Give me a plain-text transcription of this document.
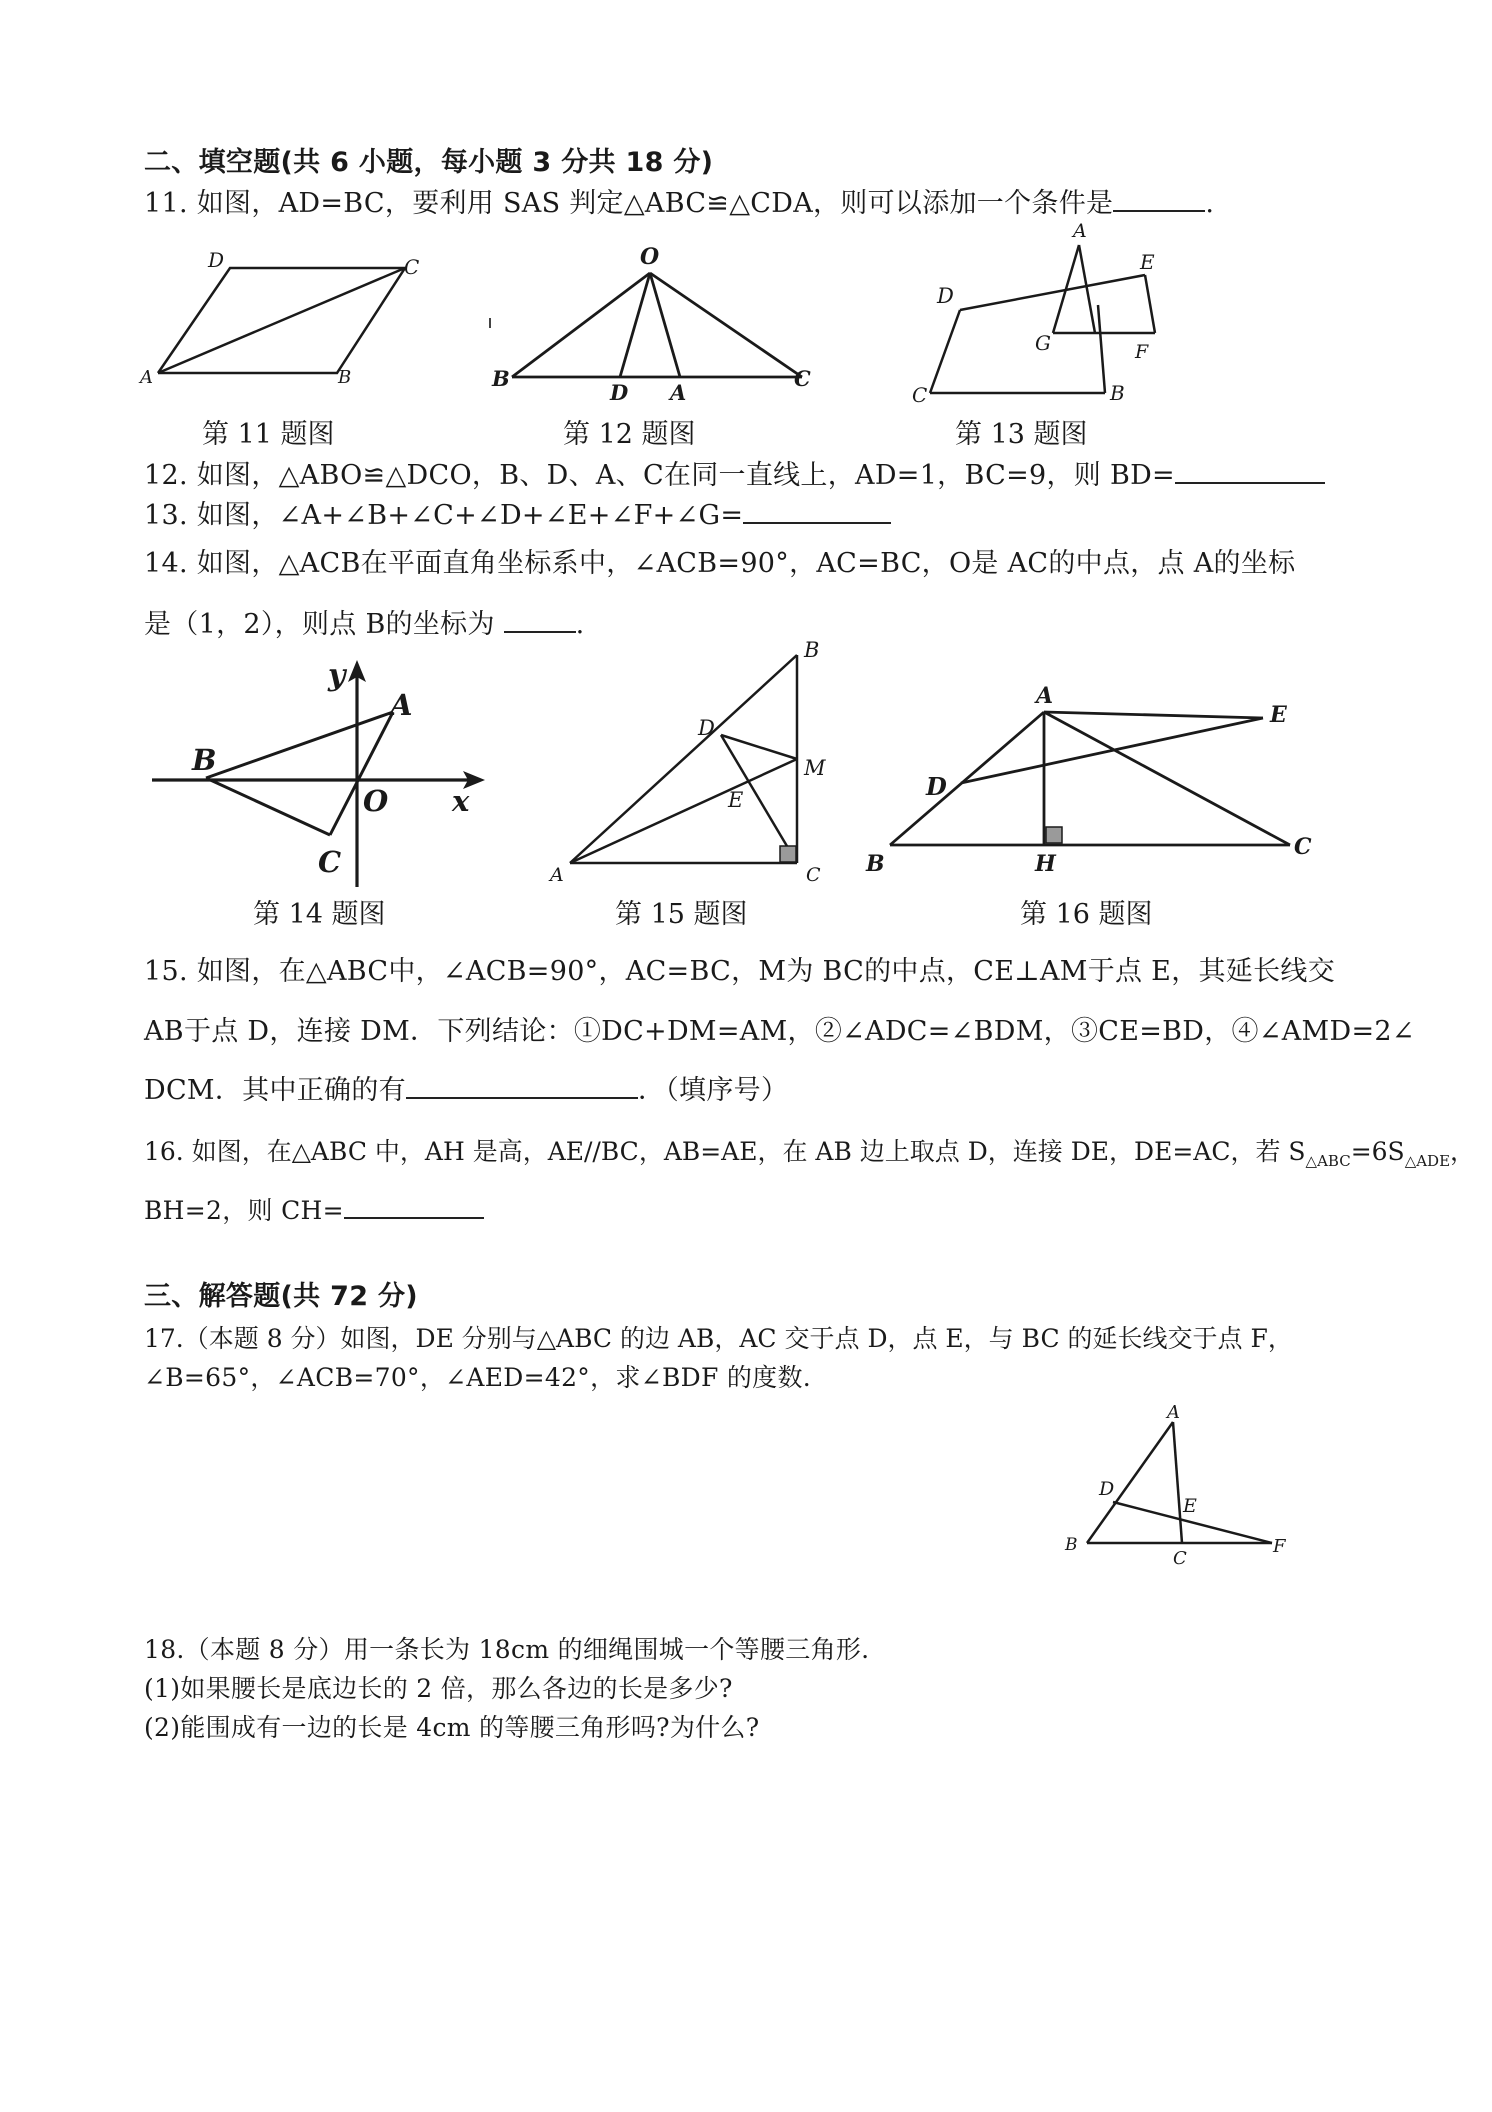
二、填空题(共 6 小题，每小题 3 分共 18 分)
11. 如图，AD=BC，要利用 SAS 判定△ABC≌△CDA，则可以添加一个条件是	.
D	C
A	B
O
B
D A
C
A
E
D
G	F
C	B
第 11 题图	第 12 题图	第 13 题图
12. 如图，△ABO≌△DCO，B、D、A、C在同一直线上，AD=1，BC=9，则 BD=
13. 如图，∠A+∠B+∠C+∠D+∠E+∠F+∠G=
14. 如图，△ACB在平面直角坐标系中，∠ACB=90°，AC=BC，O是 AC的中点，点 A的坐标
是（1，2），则点 B的坐标为	.
y
A
B
O x
C
B
D
M
E
A	C
A
E
D
B	H
C
第 14 题图	第 15 题图	第 16 题图
15. 如图，在△ABC中，∠ACB=90°，AC=BC，M为 BC的中点，CE⊥AM于点 E，其延长线交
AB于点 D，连接 DM．下列结论：①DC+DM=AM，②∠ADC=∠BDM，③CE=BD，④∠AMD=2∠
DCM．其中正确的有	．（填序号）
16. 如图，在△ABC 中，AH 是高，AE//BC，AB=AE，在 AB 边上取点 D，连接 DE，DE=AC，若 $S_{\triangle ABC}=6S_{\triangle ADE}$，
BH=2，则 CH=
三、解答题(共 72 分)
17.（本题 8 分）如图，DE 分别与△ABC 的边 AB，AC 交于点 D，点 E，与 BC 的延长线交于点 F，
∠B=65°，∠ACB=70°，∠AED=42°，求∠BDF 的度数.
A
D
E
B
C
F
18.（本题 8 分）用一条长为 18cm 的细绳围城一个等腰三角形.
(1)如果腰长是底边长的 2 倍，那么各边的长是多少?
(2)能围成有一边的长是 4cm 的等腰三角形吗?为什么?
